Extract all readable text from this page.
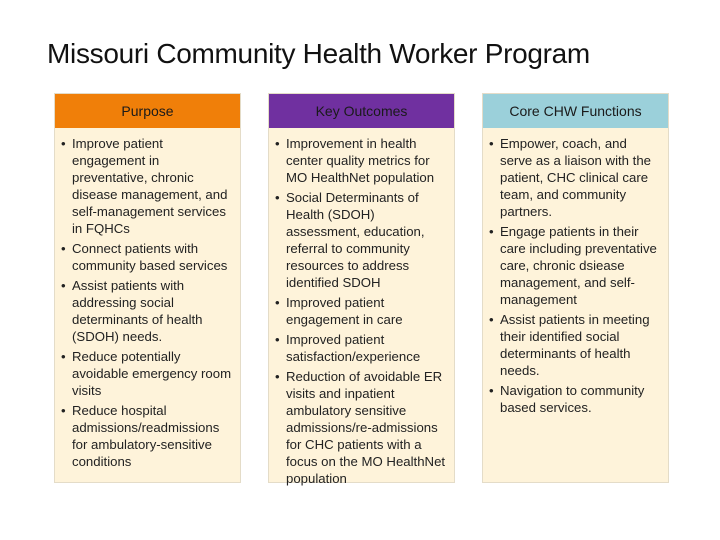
Missouri Community Health Worker Program
Purpose
• Improve patient engagement in preventative, chronic disease management, and self-management services in FQHCs
• Connect patients with community based services
• Assist patients with addressing social determinants of health (SDOH) needs.
• Reduce potentially avoidable emergency room visits
• Reduce hospital admissions/readmissions for ambulatory-sensitive conditions
Key Outcomes
• Improvement in health center quality metrics for MO HealthNet population
• Social Determinants of Health (SDOH) assessment, education, referral to community resources to address identified SDOH
• Improved patient engagement in care
• Improved patient satisfaction/experience
• Reduction of avoidable ER visits and inpatient ambulatory sensitive admissions/re-admissions for CHC patients with a focus on the MO HealthNet population
Core CHW Functions
• Empower, coach, and serve as a liaison with the patient, CHC clinical care team, and community partners.
• Engage patients in their care including preventative care, chronic dsiease management, and self-management
• Assist patients in meeting their identified social determinants of health needs.
• Navigation to community based services.
